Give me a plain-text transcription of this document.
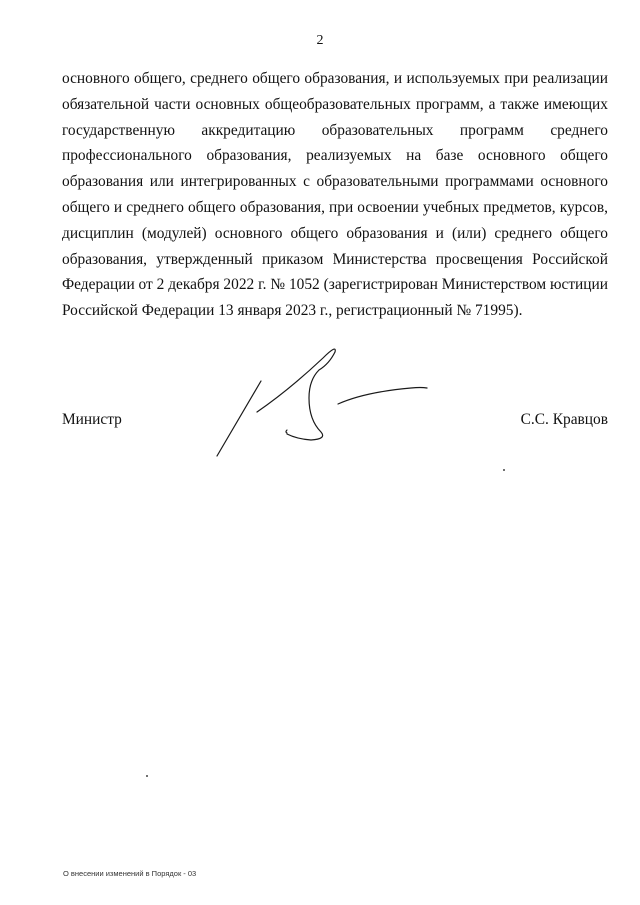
2

основного общего, среднего общего образования, и используемых при реализации
обязательной части основных общеобразовательных программ, а также имеющих
государственную аккредитацию образовательных программ среднего
профессионального образования, реализуемых на базе основного общего
образования или интегрированных с образовательными программами основного
общего и среднего общего образования, при освоении учебных предметов, курсов,
дисциплин (модулей) основного общего образования и (или) среднего общего
образования, утвержденный приказом Министерства просвещения Российской
Федерации от 2 декабря 2022 г. № 1052 (зарегистрирован Министерством юстиции
Российской Федерации 13 января 2023 г., регистрационный № 71995).

Министр	С.С. Кравцов
О внесении изменений в Порядок - 03
